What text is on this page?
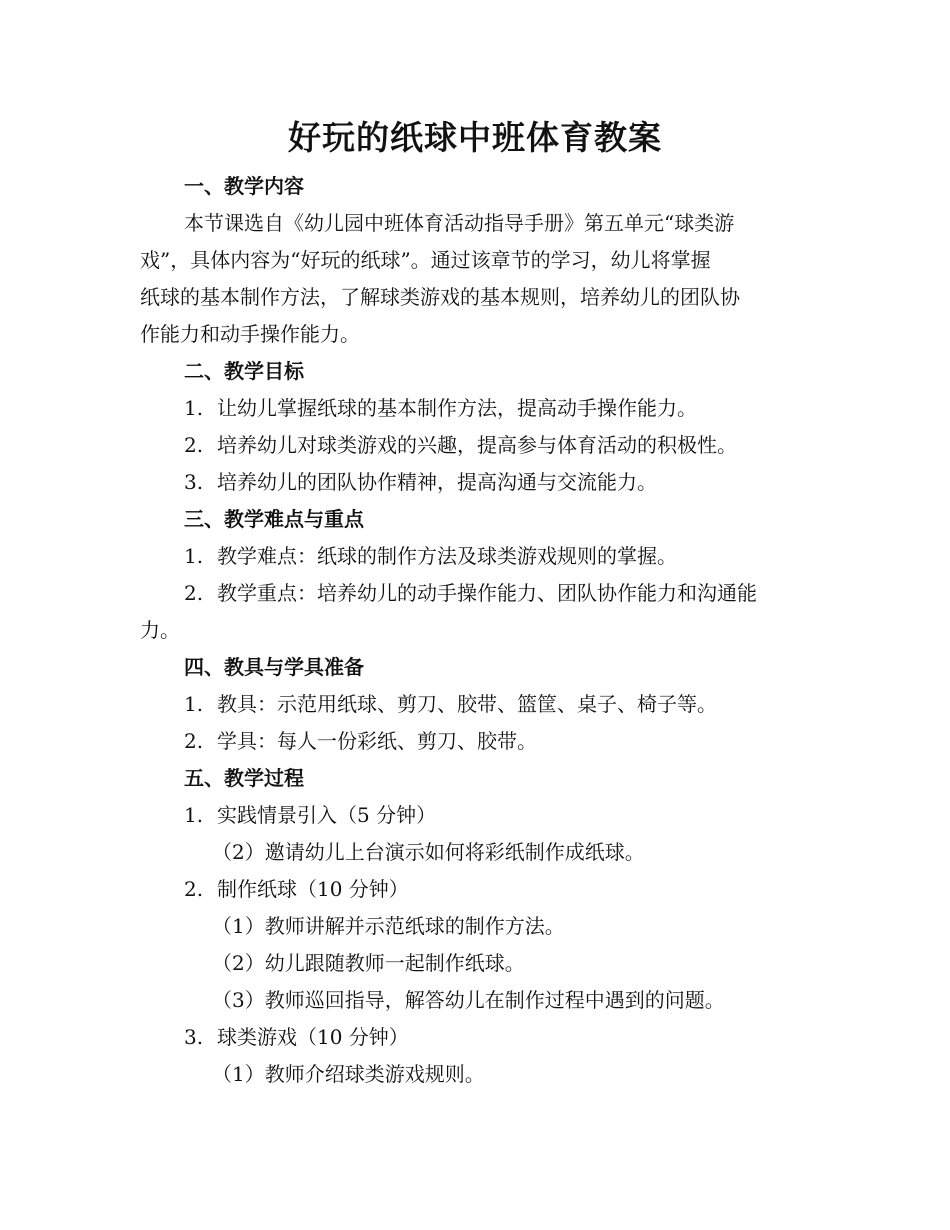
好玩的纸球中班体育教案
一、教学内容
本节课选自《幼儿园中班体育活动指导手册》第五单元“球类游
戏”，具体内容为“好玩的纸球”。通过该章节的学习，幼儿将掌握
纸球的基本制作方法，了解球类游戏的基本规则，培养幼儿的团队协
作能力和动手操作能力。
二、教学目标
1. 让幼儿掌握纸球的基本制作方法，提高动手操作能力。
2. 培养幼儿对球类游戏的兴趣，提高参与体育活动的积极性。
3. 培养幼儿的团队协作精神，提高沟通与交流能力。
三、教学难点与重点
1. 教学难点：纸球的制作方法及球类游戏规则的掌握。
2. 教学重点：培养幼儿的动手操作能力、团队协作能力和沟通能
力。
四、教具与学具准备
1. 教具：示范用纸球、剪刀、胶带、篮筐、桌子、椅子等。
2. 学具：每人一份彩纸、剪刀、胶带。
五、教学过程
1. 实践情景引入（5 分钟）
（2）邀请幼儿上台演示如何将彩纸制作成纸球。
2. 制作纸球（10 分钟）
（1）教师讲解并示范纸球的制作方法。
（2）幼儿跟随教师一起制作纸球。
（3）教师巡回指导，解答幼儿在制作过程中遇到的问题。
3. 球类游戏（10 分钟）
（1）教师介绍球类游戏规则。
